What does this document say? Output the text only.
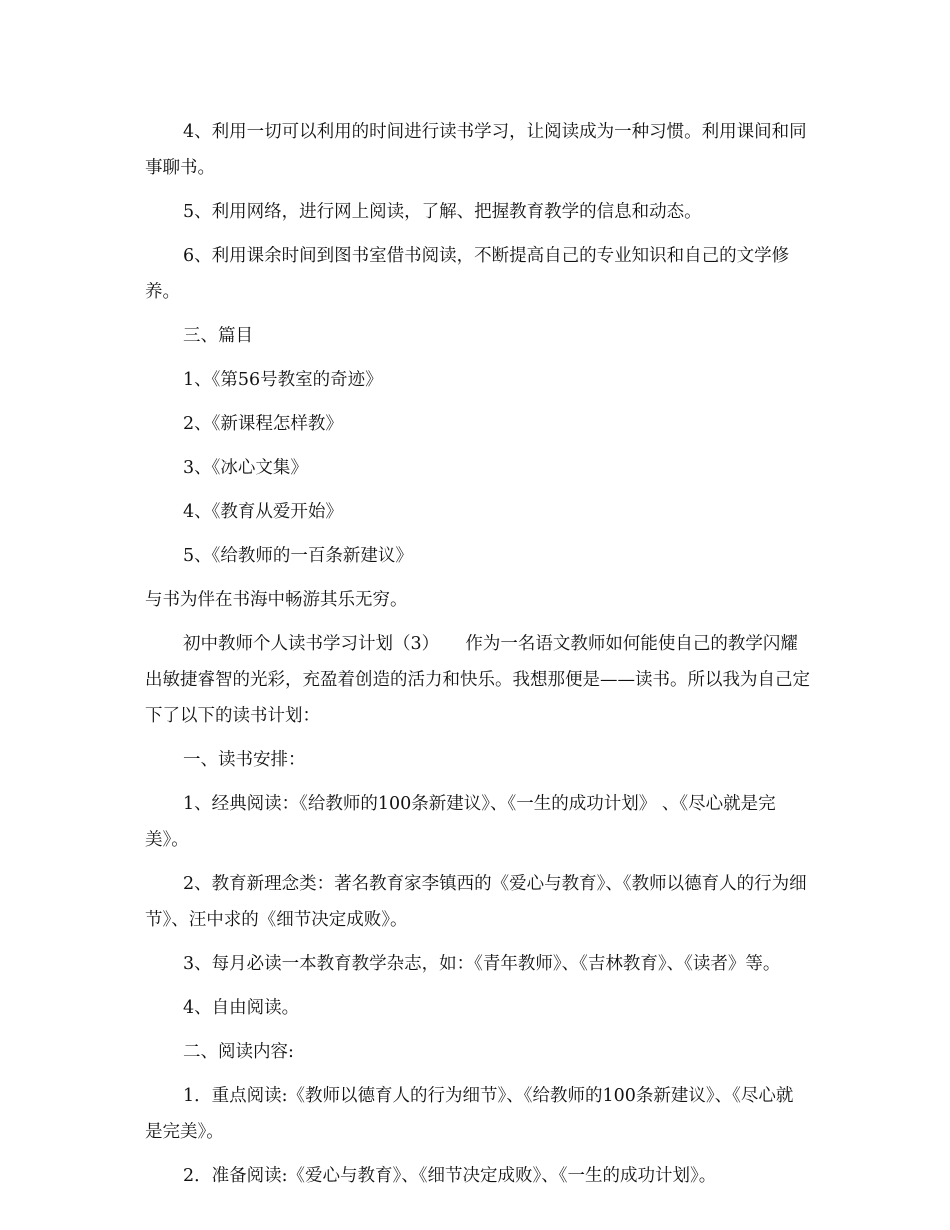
4、利用一切可以利用的时间进行读书学习，让阅读成为一种习惯。利用课间和同事聊书。

5、利用网络，进行网上阅读，了解、把握教育教学的信息和动态。

6、利用课余时间到图书室借书阅读，不断提高自己的专业知识和自己的文学修养。

三、篇目

1、《第56号教室的奇迹》

2、《新课程怎样教》

3、《冰心文集》

4、《教育从爱开始》

5、《给教师的一百条新建议》

与书为伴在书海中畅游其乐无穷。

初中教师个人读书学习计划（3）　　作为一名语文教师如何能使自己的教学闪耀出敏捷睿智的光彩，充盈着创造的活力和快乐。我想那便是——读书。所以我为自己定下了以下的读书计划：

一、读书安排：

1、经典阅读：《给教师的100条新建议》、《一生的成功计划》 、《尽心就是完美》。

2、教育新理念类：著名教育家李镇西的《爱心与教育》、《教师以德育人的行为细节》、汪中求的《细节决定成败》。

3、每月必读一本教育教学杂志，如：《青年教师》、《吉林教育》、《读者》等。

4、自由阅读。

二、阅读内容:

1．重点阅读:《教师以德育人的行为细节》、《给教师的100条新建议》、《尽心就是完美》。

2．准备阅读:《爱心与教育》、《细节决定成败》、《一生的成功计划》。
